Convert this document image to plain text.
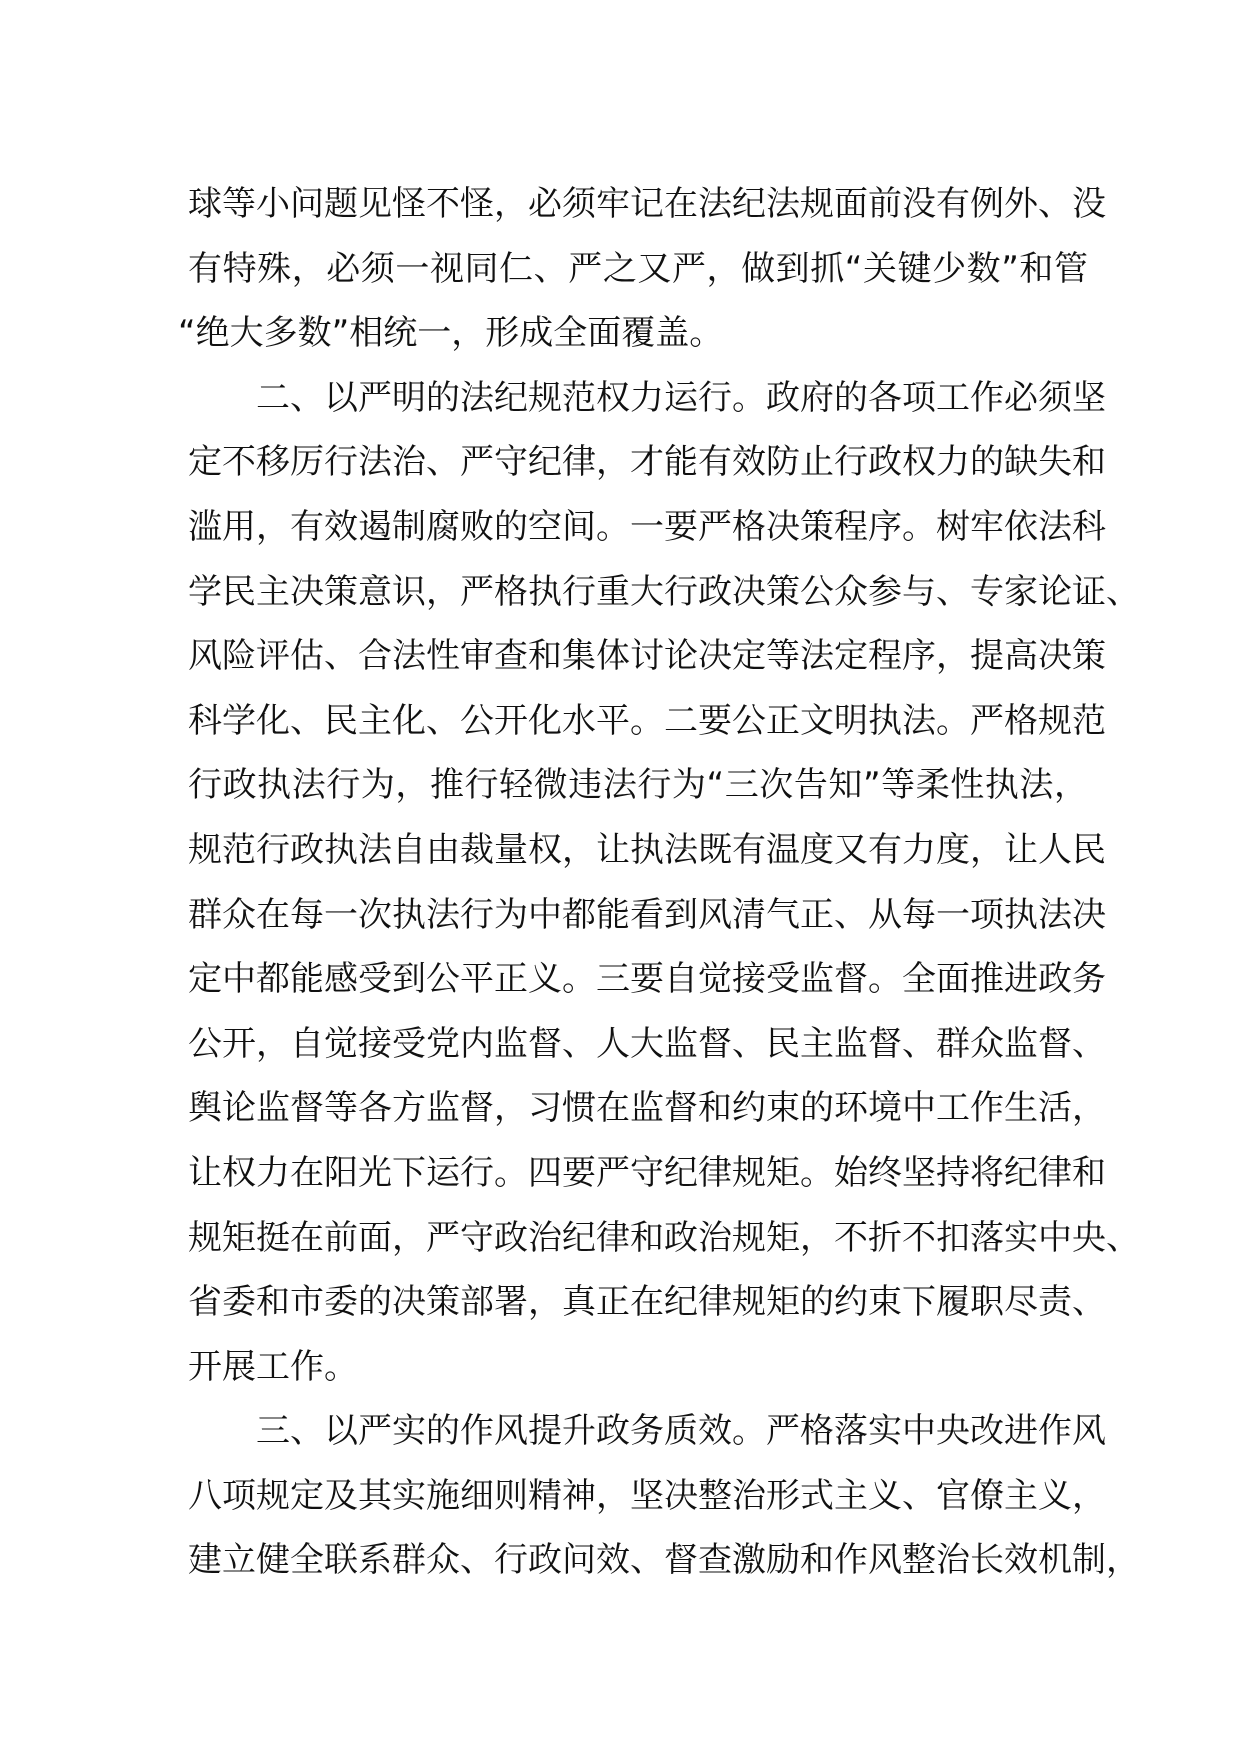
球等小问题见怪不怪，必须牢记在法纪法规面前没有例外、没
有特殊，必须一视同仁、严之又严，做到抓“关键少数”和管
“绝大多数”相统一，形成全面覆盖。
　　二、以严明的法纪规范权力运行。政府的各项工作必须坚
定不移厉行法治、严守纪律，才能有效防止行政权力的缺失和
滥用，有效遏制腐败的空间。一要严格决策程序。树牢依法科
学民主决策意识，严格执行重大行政决策公众参与、专家论证、
风险评估、合法性审查和集体讨论决定等法定程序，提高决策
科学化、民主化、公开化水平。二要公正文明执法。严格规范
行政执法行为，推行轻微违法行为“三次告知”等柔性执法，
规范行政执法自由裁量权，让执法既有温度又有力度，让人民
群众在每一次执法行为中都能看到风清气正、从每一项执法决
定中都能感受到公平正义。三要自觉接受监督。全面推进政务
公开，自觉接受党内监督、人大监督、民主监督、群众监督、
舆论监督等各方监督，习惯在监督和约束的环境中工作生活，
让权力在阳光下运行。四要严守纪律规矩。始终坚持将纪律和
规矩挺在前面，严守政治纪律和政治规矩，不折不扣落实中央、
省委和市委的决策部署，真正在纪律规矩的约束下履职尽责、
开展工作。
　　三、以严实的作风提升政务质效。严格落实中央改进作风
八项规定及其实施细则精神，坚决整治形式主义、官僚主义，
建立健全联系群众、行政问效、督查激励和作风整治长效机制，
